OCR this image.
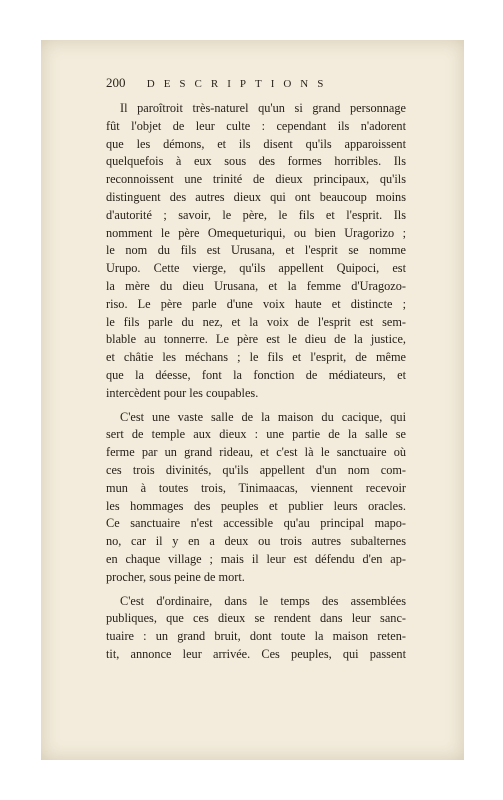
200 DESCRIPTIONS
Il paroîtroit très-naturel qu'un si grand personnage
fût l'objet de leur culte : cependant ils n'adorent
que les démons, et ils disent qu'ils apparoissent
quelquefois à eux sous des formes horribles. Ils
reconnoissent une trinité de dieux principaux, qu'ils
distinguent des autres dieux qui ont beaucoup moins
d'autorité ; savoir, le père, le fils et l'esprit. Ils
nomment le père Omequeturiqui, ou bien Uragorizo ;
le nom du fils est Urusana, et l'esprit se nomme
Urupo. Cette vierge, qu'ils appellent Quipoci, est
la mère du dieu Urusana, et la femme d'Uragozo-
riso. Le père parle d'une voix haute et distincte ;
le fils parle du nez, et la voix de l'esprit est sem-
blable au tonnerre. Le père est le dieu de la justice,
et châtie les méchans ; le fils et l'esprit, de même
que la déesse, font la fonction de médiateurs, et
intercèdent pour les coupables.
C'est une vaste salle de la maison du cacique, qui
sert de temple aux dieux : une partie de la salle se
ferme par un grand rideau, et c'est là le sanctuaire où
ces trois divinités, qu'ils appellent d'un nom com-
mun à toutes trois, Tinimaacas, viennent recevoir
les hommages des peuples et publier leurs oracles.
Ce sanctuaire n'est accessible qu'au principal mapo-
no, car il y en a deux ou trois autres subalternes
en chaque village ; mais il leur est défendu d'en ap-
procher, sous peine de mort.
C'est d'ordinaire, dans le temps des assemblées
publiques, que ces dieux se rendent dans leur sanc-
tuaire : un grand bruit, dont toute la maison reten-
tit, annonce leur arrivée. Ces peuples, qui passent
